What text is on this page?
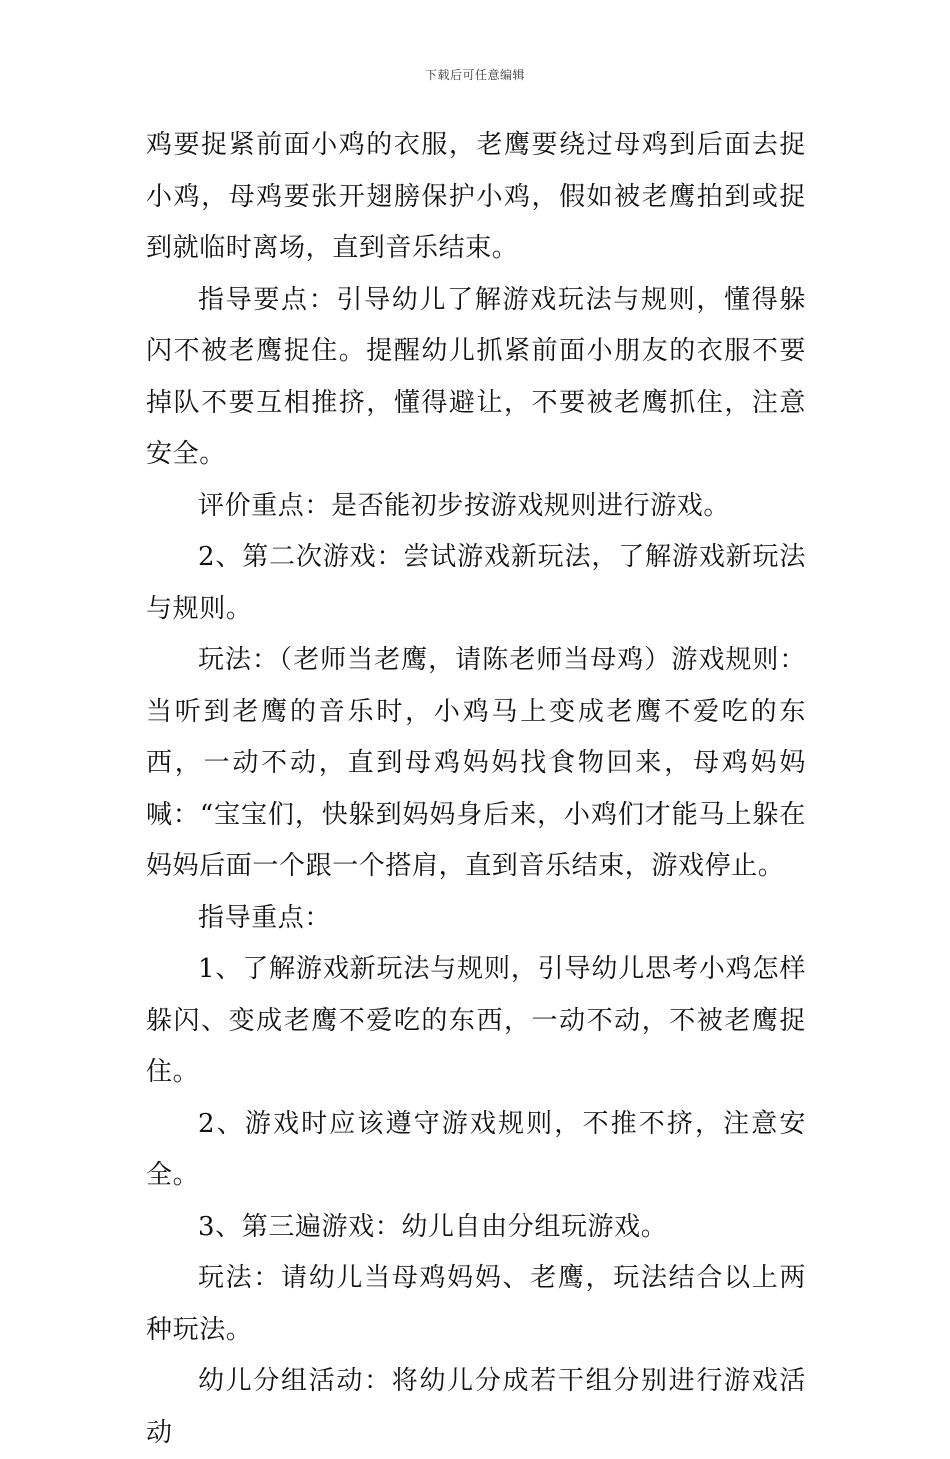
下载后可任意编辑

鸡要捉紧前面小鸡的衣服，老鹰要绕过母鸡到后面去捉小鸡，母鸡要张开翅膀保护小鸡，假如被老鹰拍到或捉到就临时离场，直到音乐结束。

指导要点：引导幼儿了解游戏玩法与规则，懂得躲闪不被老鹰捉住。提醒幼儿抓紧前面小朋友的衣服不要掉队不要互相推挤，懂得避让，不要被老鹰抓住，注意安全。

评价重点：是否能初步按游戏规则进行游戏。

2、第二次游戏：尝试游戏新玩法，了解游戏新玩法与规则。

玩法：（老师当老鹰，请陈老师当母鸡）游戏规则：当听到老鹰的音乐时，小鸡马上变成老鹰不爱吃的东西，一动不动，直到母鸡妈妈找食物回来，母鸡妈妈喊：“宝宝们，快躲到妈妈身后来，小鸡们才能马上躲在妈妈后面一个跟一个搭肩，直到音乐结束，游戏停止。

指导重点：

1、了解游戏新玩法与规则，引导幼儿思考小鸡怎样躲闪、变成老鹰不爱吃的东西，一动不动，不被老鹰捉住。

2、游戏时应该遵守游戏规则，不推不挤，注意安全。

3、第三遍游戏：幼儿自由分组玩游戏。

玩法：请幼儿当母鸡妈妈、老鹰，玩法结合以上两种玩法。

幼儿分组活动：将幼儿分成若干组分别进行游戏活动
